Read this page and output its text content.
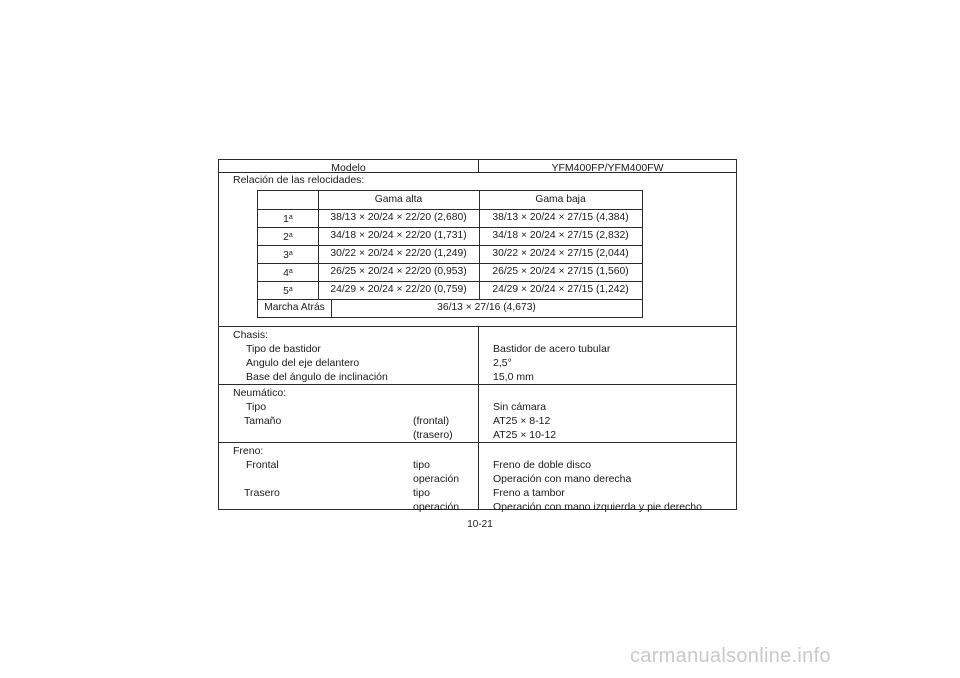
Modelo	YFM400FP/YFM400FW
Relación de las relocidades:
Gama alta	Gama baja
1$^a$	38/13 × 20/24 × 22/20 (2,680)	38/13 × 20/24 × 27/15 (4,384)
2$^a$	34/18 × 20/24 × 22/20 (1,731)	34/18 × 20/24 × 27/15 (2,832)
3$^a$	30/22 × 20/24 × 22/20 (1,249)	30/22 × 20/24 × 27/15 (2,044)
4$^a$	26/25 × 20/24 × 22/20 (0,953)	26/25 × 20/24 × 27/15 (1,560)
5$^a$	24/29 × 20/24 × 22/20 (0,759)	24/29 × 20/24 × 27/15 (1,242)
Marcha Atrás	36/13 × 27/16 (4,673)
Chasis:
Tipo de bastidor	Bastidor de acero tubular
Angulo del eje delantero	2,5°
Base del ángulo de inclinación	15,0 mm
Neumático:
Tipo	Sin cámara
Tamaño	(frontal)	AT25 × 8-12
(trasero)	AT25 × 10-12
Freno:
Frontal	tipo	Freno de doble disco
operación	Operación con mano derecha
Trasero	tipo	Freno a tambor
operación	Operación con mano izquierda y pie derecho
10-21
carmanualsonline.info
